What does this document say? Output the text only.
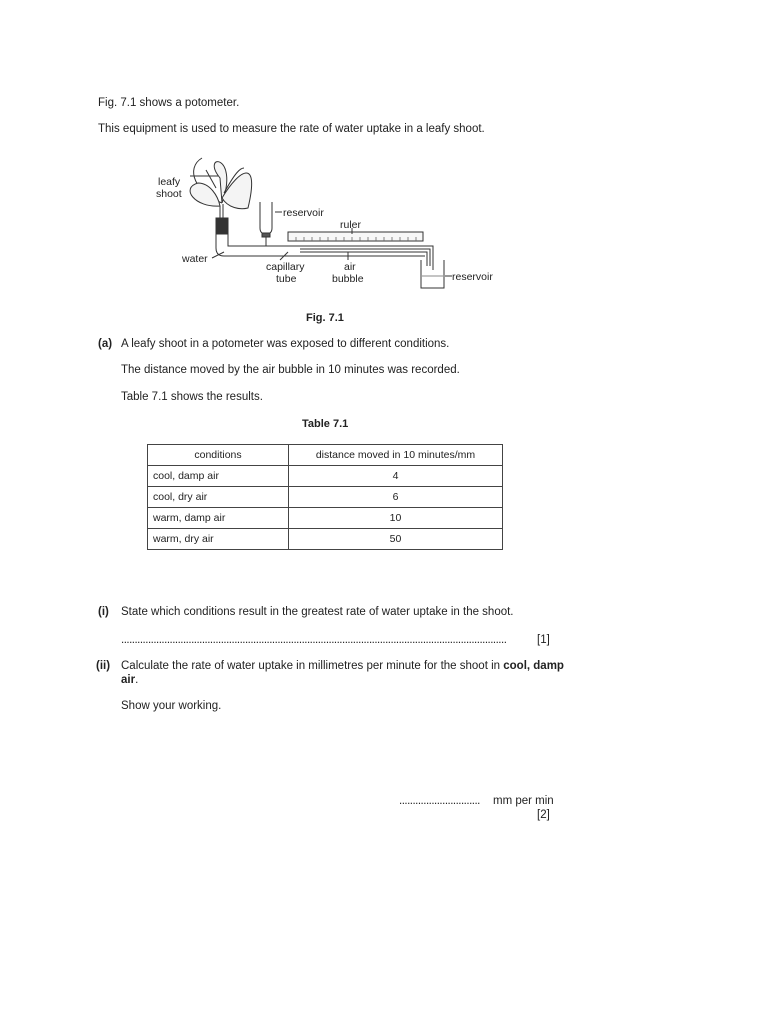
Fig. 7.1 shows a potometer.
This equipment is used to measure the rate of water uptake in a leafy shoot.
leafy
shoot
reservoir
ruler
water
capillary
tube
air
bubble	reservoir
Fig. 7.1
(a) A leafy shoot in a potometer was exposed to different conditions.
The distance moved by the air bubble in 10 minutes was recorded.
Table 7.1 shows the results.
Table 7.1
conditions	distance moved in 10 minutes/mm
cool, damp air	4
cool, dry air	6
warm, damp air	10
warm, dry air	50
(i) State which conditions result in the greatest rate of water uptake in the shoot.
...............................................................................................................................................	[1]
(ii) Calculate the rate of water uptake in millimetres per minute for the shoot in cool, damp
air.
Show your working.
.............................. mm per min
[2]
